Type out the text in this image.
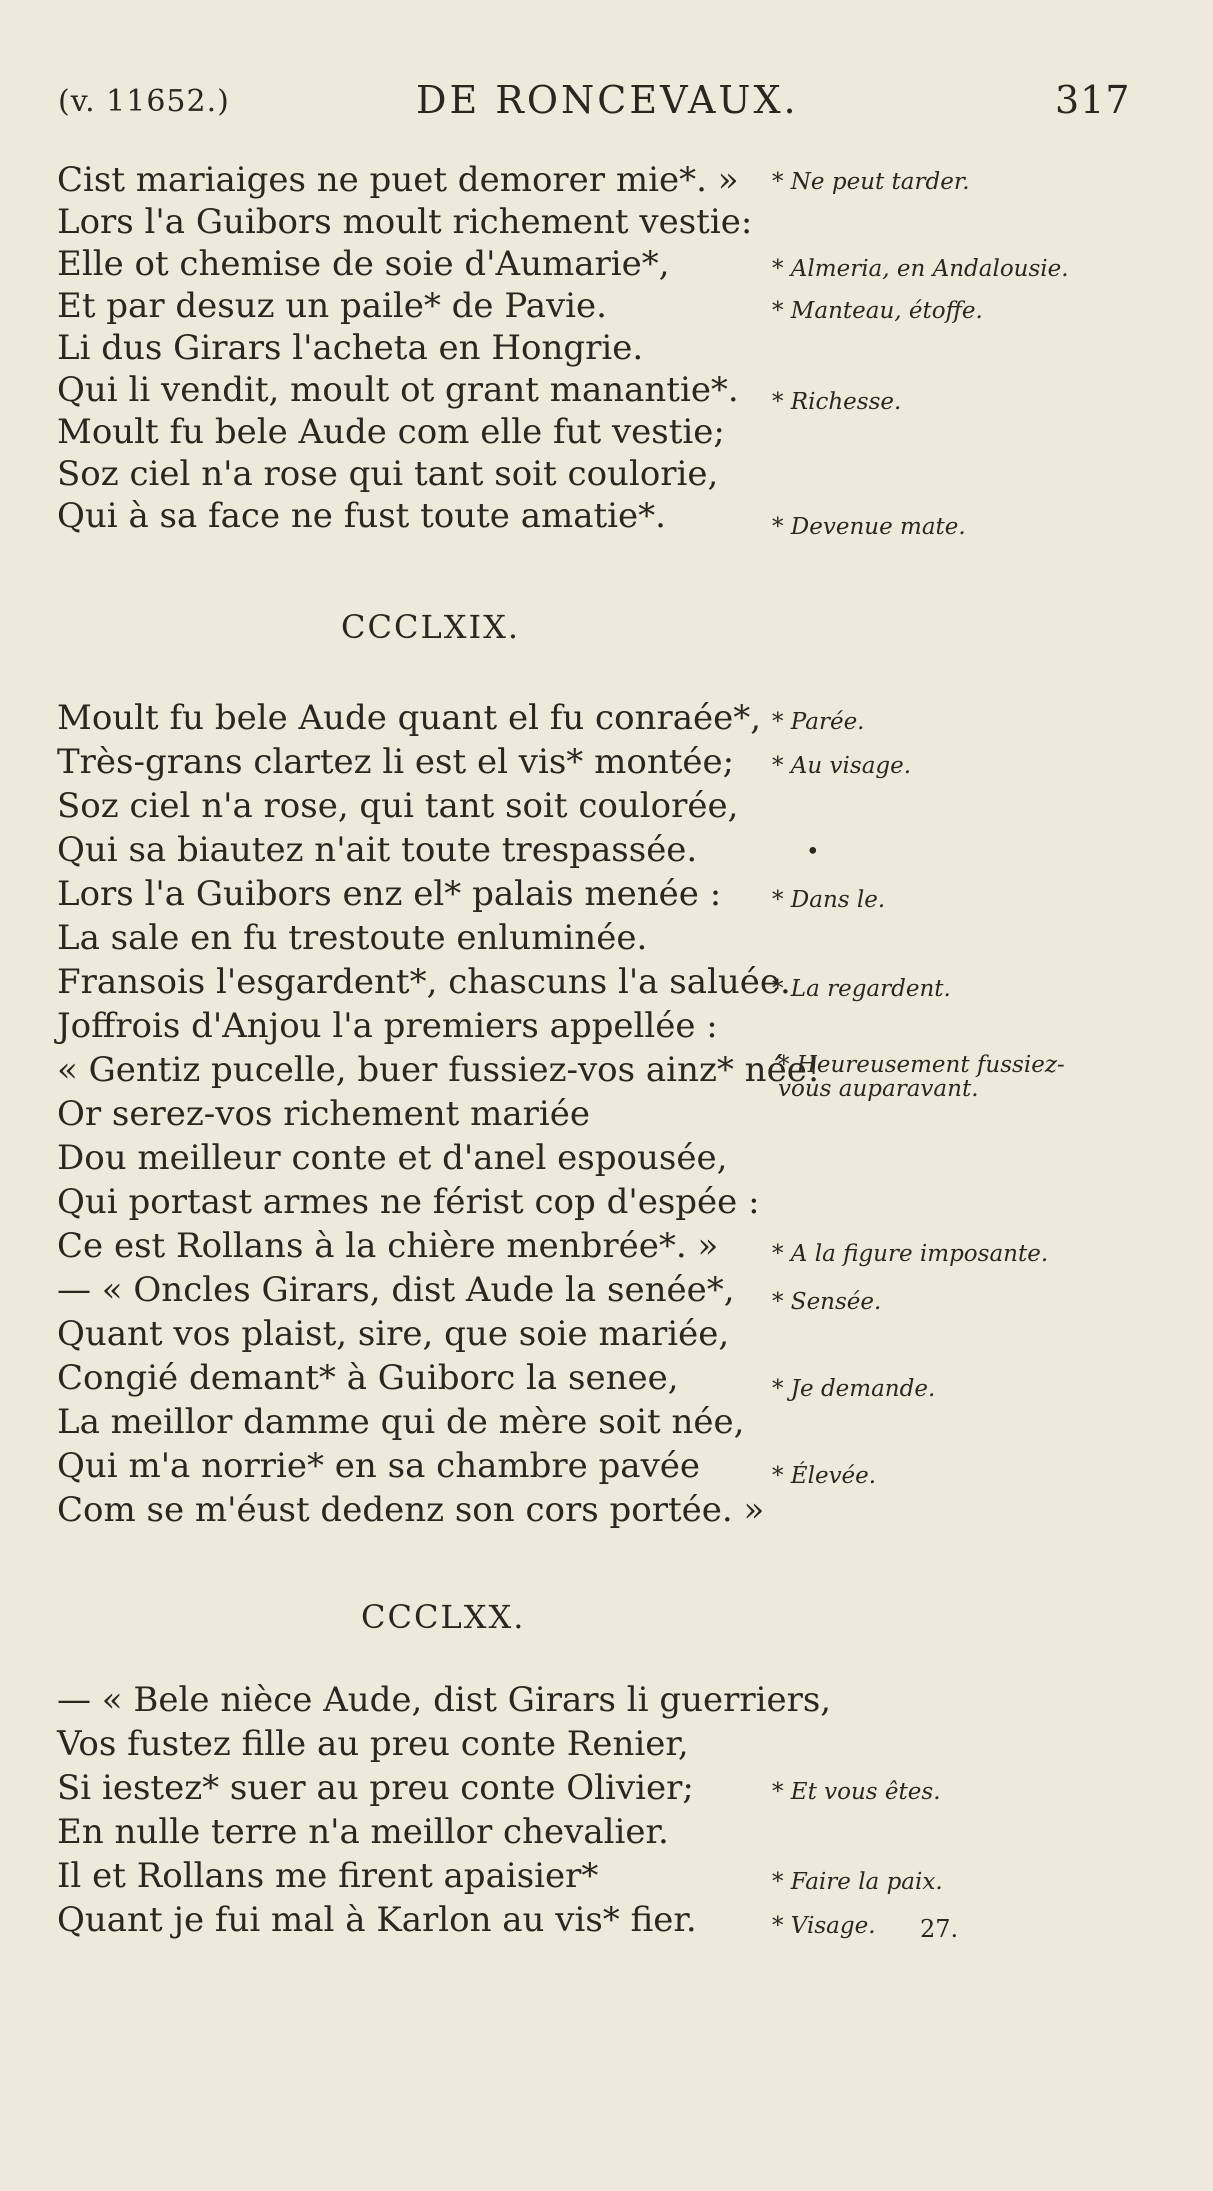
(v. 11652.)	DE RONCEVAUX.	317
Cist mariaiges ne puet demorer mie*. »
Lors l'a Guibors moult richement vestie:
Elle ot chemise de soie d'Aumarie*,
Et par desuz un paile* de Pavie.
Li dus Girars l'acheta en Hongrie.
Qui li vendit, moult ot grant manantie*.
Moult fu bele Aude com elle fut vestie;
Soz ciel n'a rose qui tant soit coulorie,
Qui à sa face ne fust toute amatie*.
* Ne peut tarder.
* Almeria, en Andalousie.
* Manteau, étoffe.
* Richesse.
* Devenue mate.
CCCLXIX.
Moult fu bele Aude quant el fu conraée*,
Très-grans clartez li est el vis* montée;
Soz ciel n'a rose, qui tant soit coulorée,
Qui sa biautez n'ait toute trespassée.
Lors l'a Guibors enz el* palais menée :
La sale en fu trestoute enluminée.
Fransois l'esgardent*, chascuns l'a saluée.
Joffrois d'Anjou l'a premiers appellée :
« Gentiz pucelle, buer fussiez-vos ainz* née!
Or serez-vos richement mariée
Dou meilleur conte et d'anel espousée,
Qui portast armes ne férist cop d'espée :
Ce est Rollans à la chière menbrée*. »
— « Oncles Girars, dist Aude la senée*,
Quant vos plaist, sire, que soie mariée,
Congié demant* à Guiborc la senee,
La meillor damme qui de mère soit née,
Qui m'a norrie* en sa chambre pavée
Com se m'éust dedenz son cors portée. »
* Parée.
* Au visage.
•
* Dans le.
* La regardent.
* Heureusement fussiez-
vous auparavant.
* A la figure imposante.
* Sensée.
* Je demande.
* Élevée.
CCCLXX.
— « Bele nièce Aude, dist Girars li guerriers,
Vos fustez fille au preu conte Renier,
Si iestez* suer au preu conte Olivier;
En nulle terre n'a meillor chevalier.
Il et Rollans me firent apaisier*
Quant je fui mal à Karlon au vis* fier.
* Et vous êtes.
* Faire la paix.
* Visage. 27.
